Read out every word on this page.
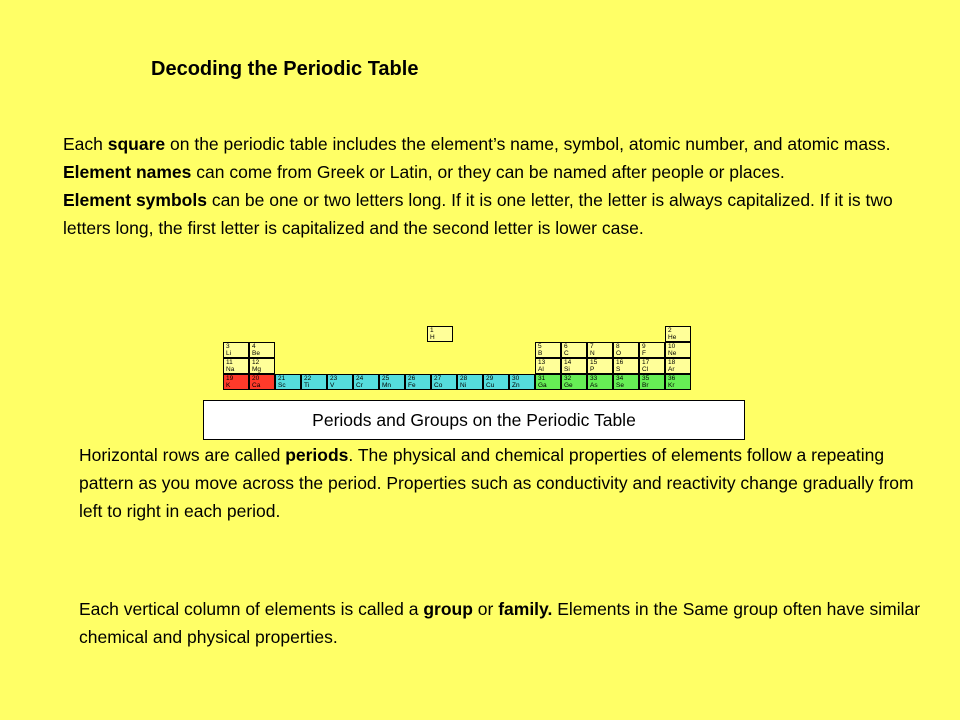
Decoding the Periodic Table

Each square on the periodic table includes the element’s name, symbol, atomic number, and atomic mass.

Element names can come from Greek or Latin, or they can be named after people or places.

Element symbols can be one or two letters long. If it is one letter, the letter is always capitalized. If it is two letters long, the first letter is capitalized and the second letter is lower case.

1
H
2
He
3
Li
4
Be
5
B
6
C
7
N
8
O
9
F
10
Ne
11
Na
12
Mg
13
Al
14
Si
15
P
16
S
17
Cl
18
Ar
19
K
20
Ca
21
Sc
22
Ti
23
V
24
Cr
25
Mn
26
Fe
27
Co
28
Ni
29
Cu
30
Zn
31
Ga
32
Ge
33
As
34
Se
35
Br
36
Kr
Periods and Groups on the Periodic Table

Horizontal rows are called periods. The physical and chemical properties of elements follow a repeating pattern as you move across the period. Properties such as conductivity and reactivity change gradually from left to right in each period.

Each vertical column of elements is called a group or family. Elements in the Same group often have similar chemical and physical properties.
